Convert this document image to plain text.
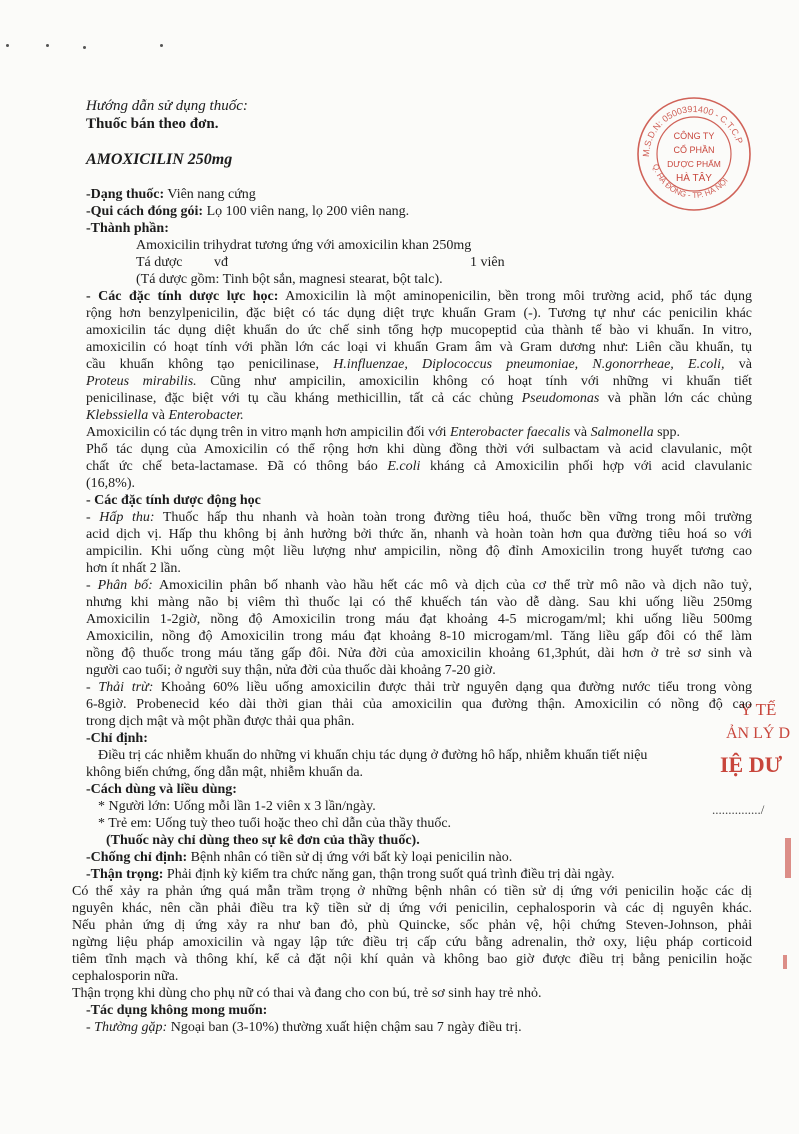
M.S.D.N: 0500391400 - C.T.C.P
Q. HÀ ĐÔNG - TP. HÀ NỘI
CÔNG TY
CỔ PHẦN
DƯỢC PHẨM
HÀ TÂY
Y TẾ
ẢN LÝ D
IỆ DƯ
.............../
Hướng dẫn sử dụng thuốc:
Thuốc bán theo đơn.
AMOXICILIN 250mg
-Dạng thuốc: Viên nang cứng
-Qui cách đóng gói: Lọ 100 viên nang, lọ 200 viên nang.
-Thành phần:
Amoxicilin trihydrat tương ứng với amoxicilin khan 250mg
Tá dược vđ	1 viên
(Tá dược gồm: Tinh bột sắn, magnesi stearat, bột talc).
- Các đặc tính dược lực học: Amoxicilin là một aminopenicilin, bền trong môi trường acid, phổ tác dụng
rộng hơn benzylpenicilin, đặc biệt có tác dụng diệt trực khuẩn Gram (-). Tương tự như các penicilin khác
amoxicilin tác dụng diệt khuẩn do ức chế sinh tổng hợp mucopeptid của thành tế bào vi khuẩn. In vitro,
amoxicilin có hoạt tính với phần lớn các loại vi khuẩn Gram âm và Gram dương như: Liên cầu khuẩn, tụ
cầu khuẩn không tạo penicilinase, H.influenzae, Diplococcus pneumoniae, N.gonorrheae, E.coli, và
Proteus mirabilis. Cũng như ampicilin, amoxicilin không có hoạt tính với những vi khuẩn tiết
penicilinase, đặc biệt với tụ cầu kháng methicillin, tất cả các chủng Pseudomonas và phần lớn các chủng
Klebssiella và Enterobacter.
Amoxicilin có tác dụng trên in vitro mạnh hơn ampicilin đối với Enterobacter faecalis và Salmonella spp.
Phổ tác dụng của Amoxicilin có thể rộng hơn khi dùng đồng thời với sulbactam và acid clavulanic, một
chất ức chế beta-lactamase. Đã có thông báo E.coli kháng cả Amoxicilin phối hợp với acid clavulanic
(16,8%).
- Các đặc tính dược động học
- Hấp thu: Thuốc hấp thu nhanh và hoàn toàn trong đường tiêu hoá, thuốc bền vững trong môi trường
acid dịch vị. Hấp thu không bị ảnh hưởng bởi thức ăn, nhanh và hoàn toàn hơn qua đường tiêu hoá so với
ampicilin. Khi uống cùng một liều lượng như ampicilin, nồng độ đỉnh Amoxicilin trong huyết tương cao
hơn ít nhất 2 lần.
- Phân bố: Amoxicilin phân bố nhanh vào hầu hết các mô và dịch của cơ thể trừ mô não và dịch não tuỷ,
nhưng khi màng não bị viêm thì thuốc lại có thể khuếch tán vào dễ dàng. Sau khi uống liều 250mg
Amoxicilin 1-2giờ, nồng độ Amoxicilin trong máu đạt khoảng 4-5 microgam/ml; khi uống liều 500mg
Amoxicilin, nồng độ Amoxicilin trong máu đạt khoảng 8-10 microgam/ml. Tăng liều gấp đôi có thể làm
nồng độ thuốc trong máu tăng gấp đôi. Nửa đời của amoxicilin khoảng 61,3phút, dài hơn ở trẻ sơ sinh và
người cao tuổi; ở người suy thận, nửa đời của thuốc dài khoảng 7-20 giờ.
- Thải trừ: Khoảng 60% liều uống amoxicilin được thải trừ nguyên dạng qua đường nước tiểu trong vòng
6-8giờ. Probenecid kéo dài thời gian thải của amoxicilin qua đường thận. Amoxicilin có nồng độ cao
trong dịch mật và một phần được thải qua phân.
-Chỉ định:
Điều trị các nhiễm khuẩn do những vi khuẩn chịu tác dụng ở đường hô hấp, nhiễm khuẩn tiết niệu
không biến chứng, ống dẫn mật, nhiễm khuẩn da.
-Cách dùng và liều dùng:
* Người lớn: Uống mỗi lần 1-2 viên x 3 lần/ngày.
* Trẻ em: Uống tuỳ theo tuổi hoặc theo chỉ dẫn của thầy thuốc.
(Thuốc này chỉ dùng theo sự kê đơn của thầy thuốc).
-Chống chỉ định: Bệnh nhân có tiền sử dị ứng với bất kỳ loại penicilin nào.
-Thận trọng: Phải định kỳ kiểm tra chức năng gan, thận trong suốt quá trình điều trị dài ngày.
Có thể xảy ra phản ứng quá mẫn trầm trọng ở những bệnh nhân có tiền sử dị ứng với penicilin hoặc các dị
nguyên khác, nên cần phải điều tra kỹ tiền sử dị ứng với penicilin, cephalosporin và các dị nguyên khác.
Nếu phản ứng dị ứng xảy ra như ban đỏ, phù Quincke, sốc phản vệ, hội chứng Steven-Johnson, phải
ngừng liệu pháp amoxicilin và ngay lập tức điều trị cấp cứu bằng adrenalin, thở oxy, liệu pháp corticoid
tiêm tĩnh mạch và thông khí, kể cả đặt nội khí quản và không bao giờ được điều trị bằng penicilin hoặc
cephalosporin nữa.
Thận trọng khi dùng cho phụ nữ có thai và đang cho con bú, trẻ sơ sinh hay trẻ nhỏ.
-Tác dụng không mong muốn:
- Thường gặp: Ngoại ban (3-10%) thường xuất hiện chậm sau 7 ngày điều trị.
